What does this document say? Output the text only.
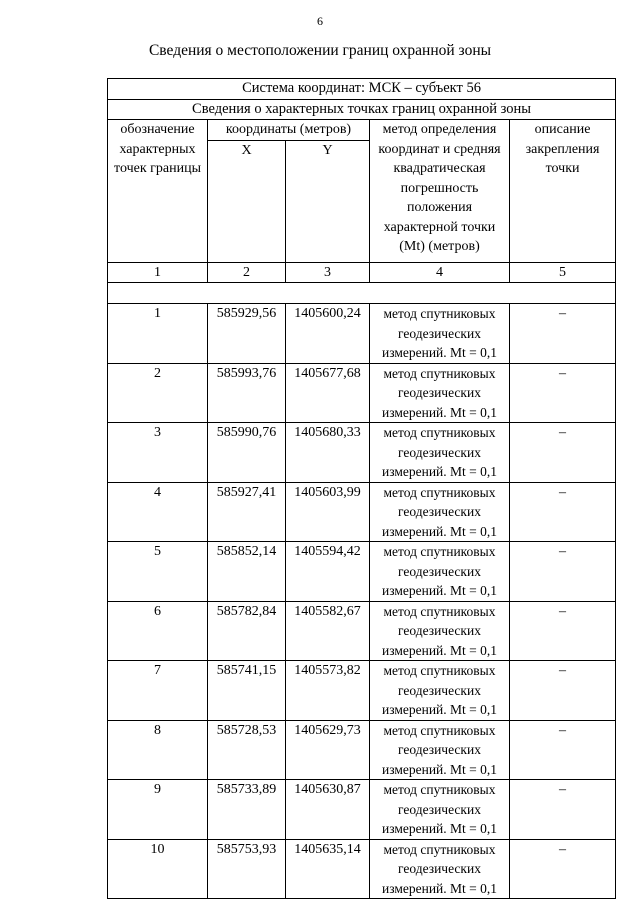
6
Сведения о местоположении границ охранной зоны
Система координат: МСК – субъект 56				
Сведения о характерных точках границ охранной зоны				
обозначение характерных точек границы	координаты (метров)		метод определения координат и средняя квадратическая погрешность положения характерной точки (Mt) (метров)	описание закрепления точки
	X	Y		
1	2	3	4	5

1	585929,56	1405600,24	метод спутниковых геодезических измерений. Mt = 0,1	–
2	585993,76	1405677,68	метод спутниковых геодезических измерений. Mt = 0,1	–
3	585990,76	1405680,33	метод спутниковых геодезических измерений. Mt = 0,1	–
4	585927,41	1405603,99	метод спутниковых геодезических измерений. Mt = 0,1	–
5	585852,14	1405594,42	метод спутниковых геодезических измерений. Mt = 0,1	–
6	585782,84	1405582,67	метод спутниковых геодезических измерений. Mt = 0,1	–
7	585741,15	1405573,82	метод спутниковых геодезических измерений. Mt = 0,1	–
8	585728,53	1405629,73	метод спутниковых геодезических измерений. Mt = 0,1	–
9	585733,89	1405630,87	метод спутниковых геодезических измерений. Mt = 0,1	–
10	585753,93	1405635,14	метод спутниковых геодезических измерений. Mt = 0,1	–
